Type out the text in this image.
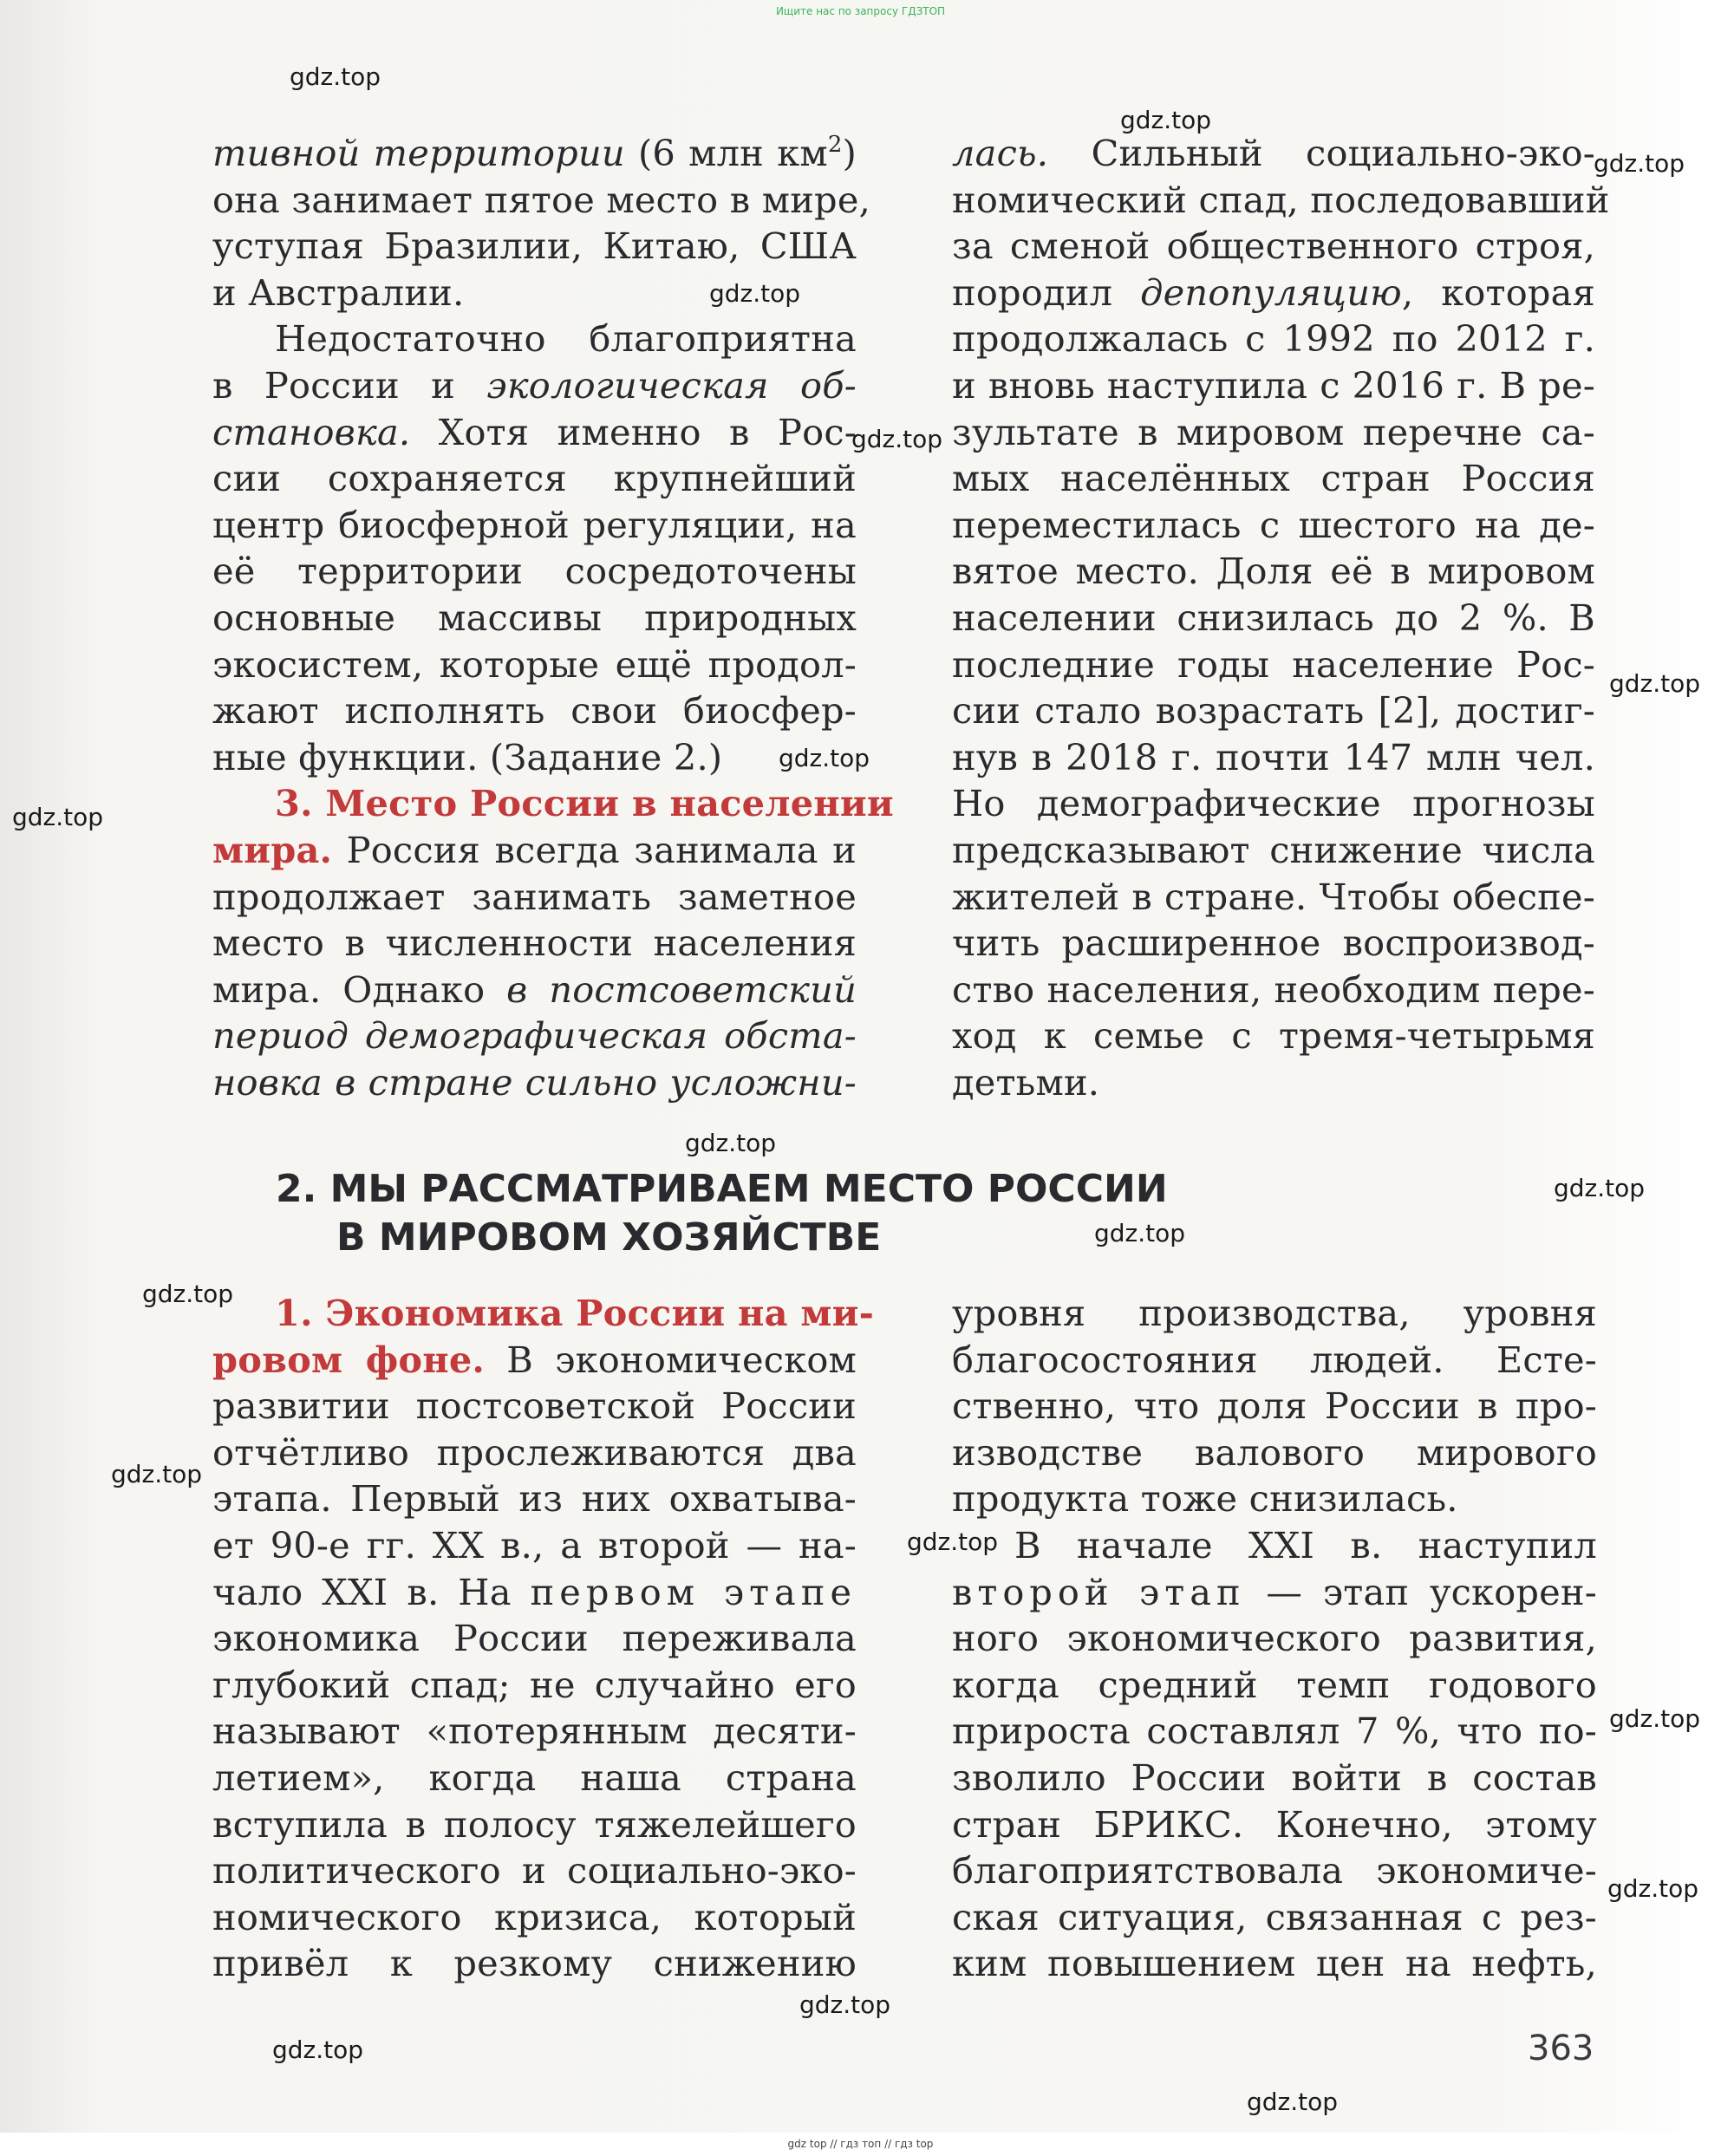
Ищите нас по запросу ГДЗТОП
тивной территории (6 млн $км^2$)
она занимает пятое место в мире,
уступая Бразилии, Китаю, США
и Австралии.
Недостаточно благоприятна
в России и экологическая об-
становка. Хотя именно в Рос-
сии сохраняется крупнейший
центр биосферной регуляции, на
её территории сосредоточены
основные массивы природных
экосистем, которые ещё продол-
жают исполнять свои биосфер-
ные функции. (Задание 2.)
3. Место России в населении
мира. Россия всегда занимала и
продолжает занимать заметное
место в численности населения
мира. Однако в постсоветский
период демографическая обста-
новка в стране сильно усложни-
лась. Сильный социально-эко-
номический спад, последовавший
за сменой общественного строя,
породил депопуляцию, которая
продолжалась с 1992 по 2012 г.
и вновь наступила с 2016 г. В ре-
зультате в мировом перечне са-
мых населённых стран Россия
переместилась с шестого на де-
вятое место. Доля её в мировом
населении снизилась до 2 %. В
последние годы население Рос-
сии стало возрастать [2], достиг-
нув в 2018 г. почти 147 млн чел.
Но демографические прогнозы
предсказывают снижение числа
жителей в стране. Чтобы обеспе-
чить расширенное воспроизвод-
ство населения, необходим пере-
ход к семье с тремя-четырьмя
детьми.
2. МЫ РАССМАТРИВАЕМ МЕСТО РОССИИ
В МИРОВОМ ХОЗЯЙСТВЕ
1. Экономика России на ми-
ровом фоне. В экономическом
развитии постсоветской России
отчётливо прослеживаются два
этапа. Первый из них охватыва-
ет 90-е гг. XX в., а второй — на-
чало XXI в. На первом этапе
экономика России переживала
глубокий спад; не случайно его
называют «потерянным десяти-
летием», когда наша страна
вступила в полосу тяжелейшего
политического и социально-эко-
номического кризиса, который
привёл к резкому снижению
уровня производства, уровня
благосостояния людей. Есте-
ственно, что доля России в про-
изводстве валового мирового
продукта тоже снизилась.
В начале XXI в. наступил
второй этап — этап ускорен-
ного экономического развития,
когда средний темп годового
прироста составлял 7 %, что по-
зволило России войти в состав
стран БРИКС. Конечно, этому
благоприятствовала экономиче-
ская ситуация, связанная с рез-
ким повышением цен на нефть,
363
gdz.top
gdz.top
gdz.top
gdz.top
gdz.top
gdz.top
gdz.top
gdz.top
gdz.top
gdz.top
gdz.top
gdz.top
gdz.top
gdz.top
gdz.top
gdz.top
gdz.top
gdz.top
gdz.top
gdz top // гдз топ // гдз top
